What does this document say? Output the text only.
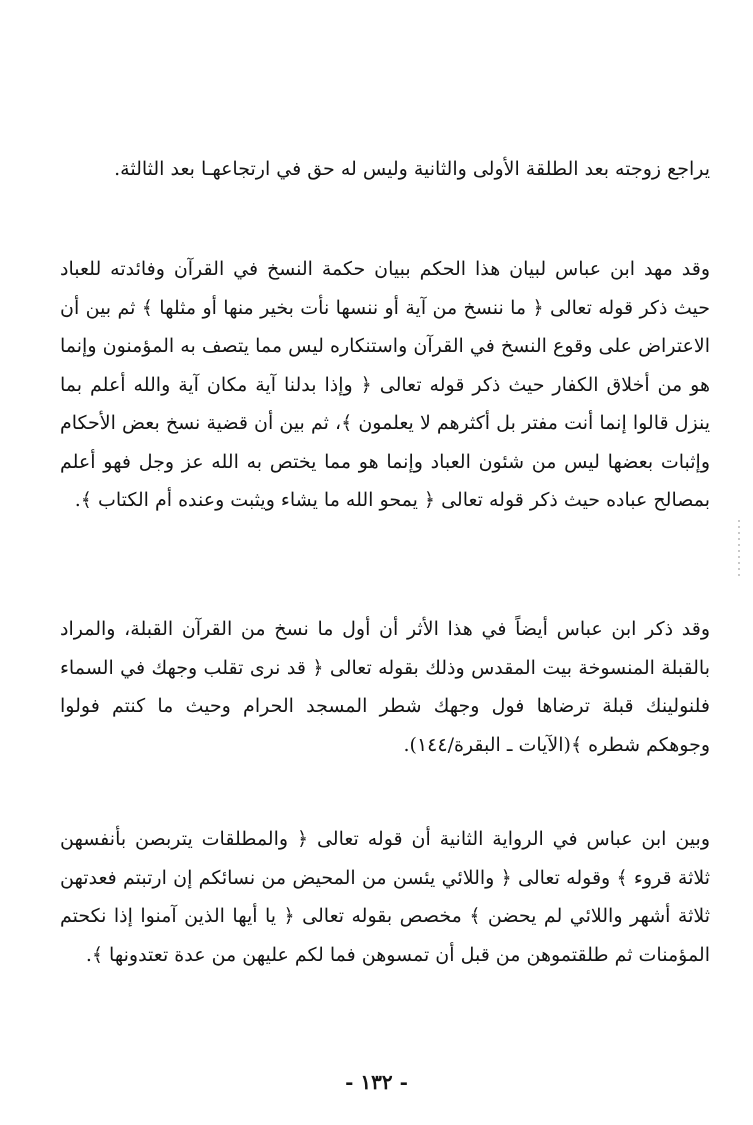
يراجع زوجته بعد الطلقة الأولى والثانية وليس له حق في ارتجاعهـا بعد الثالثة.

وقد مهد ابن عباس لبيان هذا الحكم ببيان حكمة النسخ في القرآن وفائدته للعباد حيث ذكر قوله تعالى ﴿ ما ننسخ من آية أو ننسها نأت بخير منها أو مثلها ﴾ ثم بين أن الاعتراض على وقوع النسخ في القرآن واستنكاره ليس مما يتصف به المؤمنون وإنما هو من أخلاق الكفار حيث ذكر قوله تعالى ﴿ وإذا بدلنا آية مكان آية والله أعلم بما ينزل قالوا إنما أنت مفتر بل أكثرهم لا يعلمون ﴾، ثم بين أن قضية نسخ بعض الأحكام وإثبات بعضها ليس من شئون العباد وإنما هو مما يختص به الله عز وجل فهو أعلم بمصالح عباده حيث ذكر قوله تعالى ﴿ يمحو الله ما يشاء ويثبت وعنده أم الكتاب ﴾.

وقد ذكر ابن عباس أيضاً في هذا الأثر أن أول ما نسخ من القرآن القبلة، والمراد بالقبلة المنسوخة بيت المقدس وذلك بقوله تعالى ﴿ قد نرى تقلب وجهك في السماء فلنولينك قبلة ترضاها فول وجهك شطر المسجد الحرام وحيث ما كنتم فولوا وجوهكم شطره ﴾(الآيات ـ البقرة/١٤٤).

وبين ابن عباس في الرواية الثانية أن قوله تعالى ﴿ والمطلقات يتربصن بأنفسهن ثلاثة قروء ﴾ وقوله تعالى ﴿ واللائي يئسن من المحيض من نسائكم إن ارتبتم فعدتهن ثلاثة أشهر واللائي لم يحضن ﴾ مخصص بقوله تعالى ﴿ يا أيها الذين آمنوا إذا نكحتم المؤمنات ثم طلقتموهن من قبل أن تمسوهن فما لكم عليهن من عدة تعتدونها ﴾.

- ١٣٢ -
